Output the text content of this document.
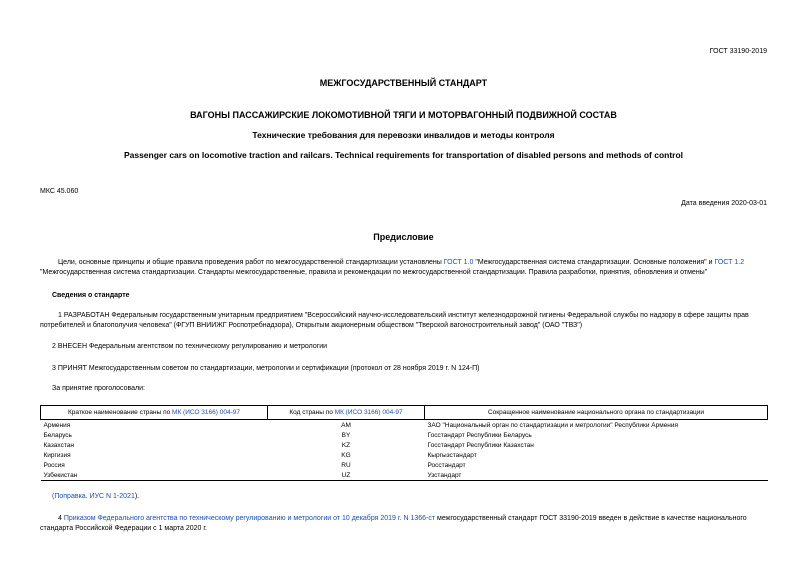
ГОСТ 33190-2019
МЕЖГОСУДАРСТВЕННЫЙ СТАНДАРТ
ВАГОНЫ ПАССАЖИРСКИЕ ЛОКОМОТИВНОЙ ТЯГИ И МОТОРВАГОННЫЙ ПОДВИЖНОЙ СОСТАВ
Технические требования для перевозки инвалидов и методы контроля
Passenger cars on locomotive traction and railcars. Technical requirements for transportation of disabled persons and methods of control
МКС 45.060
Дата введения 2020-03-01
Предисловие
Цели, основные принципы и общие правила проведения работ по межгосударственной стандартизации установлены ГОСТ 1.0 "Межгосударственная система стандартизации. Основные положения" и ГОСТ 1.2 "Межгосударственная система стандартизации. Стандарты межгосударственные, правила и рекомендации по межгосударственной стандартизации. Правила разработки, принятия, обновления и отмены"
Сведения о стандарте
1 РАЗРАБОТАН Федеральным государственным унитарным предприятием "Всероссийский научно-исследовательский институт железнодорожной гигиены Федеральной службы по надзору в сфере защиты прав потребителей и благополучия человека" (ФГУП ВНИИЖГ Роспотребнадзора), Открытым акционерным обществом "Тверской вагоностроительный завод" (ОАО "ТВЗ")
2 ВНЕСЕН Федеральным агентством по техническому регулированию и метрологии
3 ПРИНЯТ Межгосударственным советом по стандартизации, метрологии и сертификации (протокол от 28 ноября 2019 г. N 124-П)
За принятие проголосовали:
Краткое наименование страны по МК (ИСО 3166) 004-97	Код страны по МК (ИСО 3166) 004-97	Сокращенное наименование национального органа по стандартизации
Армения	AM	ЗАО "Национальный орган по стандартизации и метрологии" Республики Армения
Беларусь	BY	Госстандарт Республики Беларусь
Казахстан	KZ	Госстандарт Республики Казахстан
Киргизия	KG	Кыргызстандарт
Россия	RU	Росстандарт
Узбекистан	UZ	Узстандарт
(Поправка. ИУС N 1-2021).
4 Приказом Федерального агентства по техническому регулированию и метрологии от 10 декабря 2019 г. N 1366-ст межгосударственный стандарт ГОСТ 33190-2019 введен в действие в качестве национального стандарта Российской Федерации с 1 марта 2020 г.
